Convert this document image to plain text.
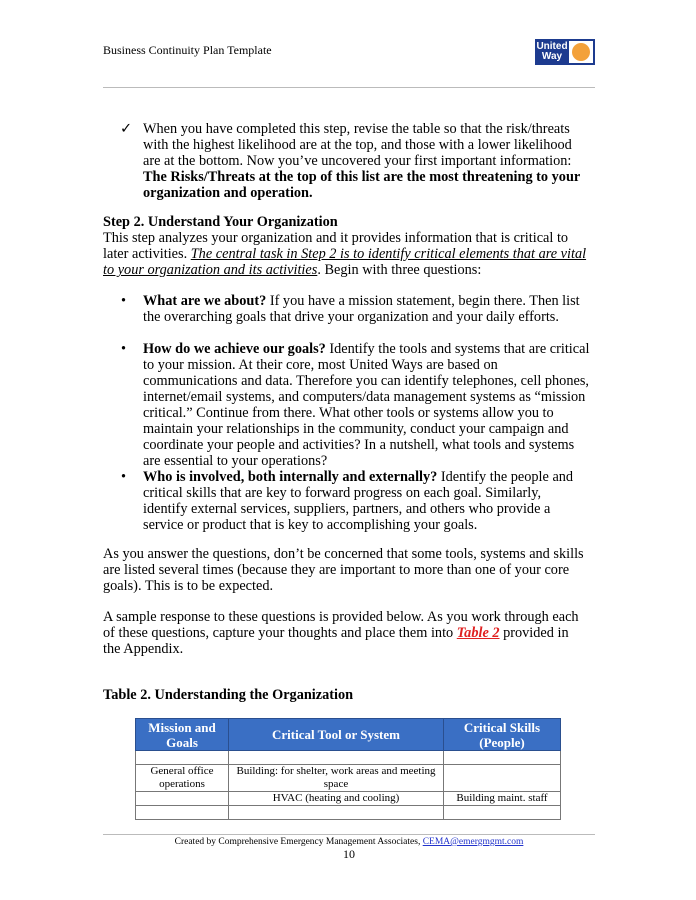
Business Continuity Plan Template	United
Way
✓ When you have completed this step, revise the table so that the risk/threats with the highest likelihood are at the top, and those with a lower likelihood are at the bottom. Now you’ve uncovered your first important information: The Risks/Threats at the top of this list are the most threatening to your organization and operation.
Step 2. Understand Your Organization

This step analyzes your organization and it provides information that is critical to later activities. The central task in Step 2 is to identify critical elements that are vital to your organization and its activities. Begin with three questions:

• What are we about? If you have a mission statement, begin there. Then list the overarching goals that drive your organization and your daily efforts.
• How do we achieve our goals? Identify the tools and systems that are critical to your mission. At their core, most United Ways are based on communications and data. Therefore you can identify telephones, cell phones, internet/email systems, and computers/data management systems as “mission critical.” Continue from there. What other tools or systems allow you to maintain your relationships in the community, conduct your campaign and coordinate your people and activities? In a nutshell, what tools and systems are essential to your operations?
• Who is involved, both internally and externally? Identify the people and critical skills that are key to forward progress on each goal. Similarly, identify external services, suppliers, partners, and others who provide a service or product that is key to accomplishing your goals.

As you answer the questions, don’t be concerned that some tools, systems and skills are listed several times (because they are important to more than one of your core goals). This is to be expected.

A sample response to these questions is provided below. As you work through each of these questions, capture your thoughts and place them into Table 2 provided in the Appendix.

Table 2. Understanding the Organization
Mission and Goals	Critical Tool or System	Critical Skills (People)

General office operations	Building: for shelter, work areas and meeting space	
	HVAC (heating and cooling)	Building maint. staff

Created by Comprehensive Emergency Management Associates, CEMA@emergmgmt.com
10
